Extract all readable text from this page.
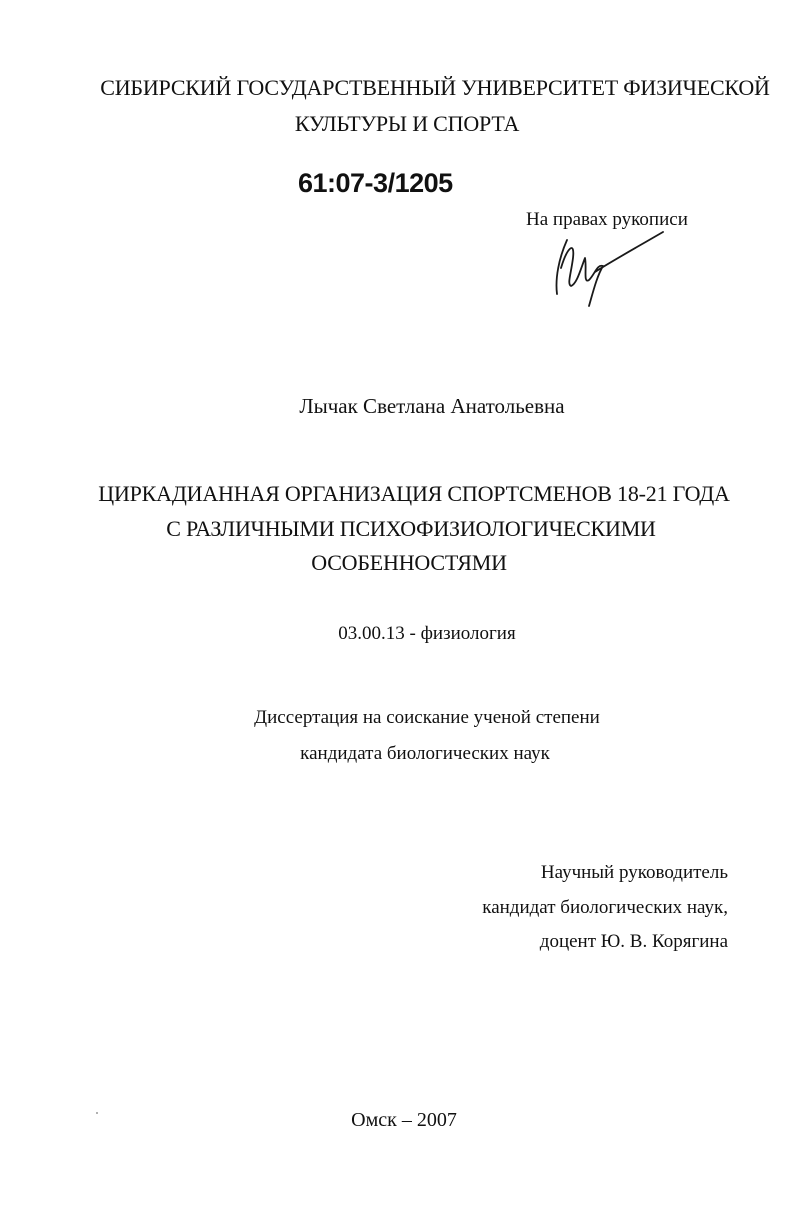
СИБИРСКИЙ ГОСУДАРСТВЕННЫЙ УНИВЕРСИТЕТ ФИЗИЧЕСКОЙ
КУЛЬТУРЫ И СПОРТА
61:07-3/1205
На правах рукописи
Лычак Светлана Анатольевна
ЦИРКАДИАННАЯ ОРГАНИЗАЦИЯ СПОРТСМЕНОВ 18-21 ГОДА
С РАЗЛИЧНЫМИ ПСИХОФИЗИОЛОГИЧЕСКИМИ
ОСОБЕННОСТЯМИ
03.00.13 - физиология
Диссертация на соискание ученой степени
кандидата биологических наук
Научный руководитель
кандидат биологических наук,
доцент Ю. В. Корягина
Омск – 2007
